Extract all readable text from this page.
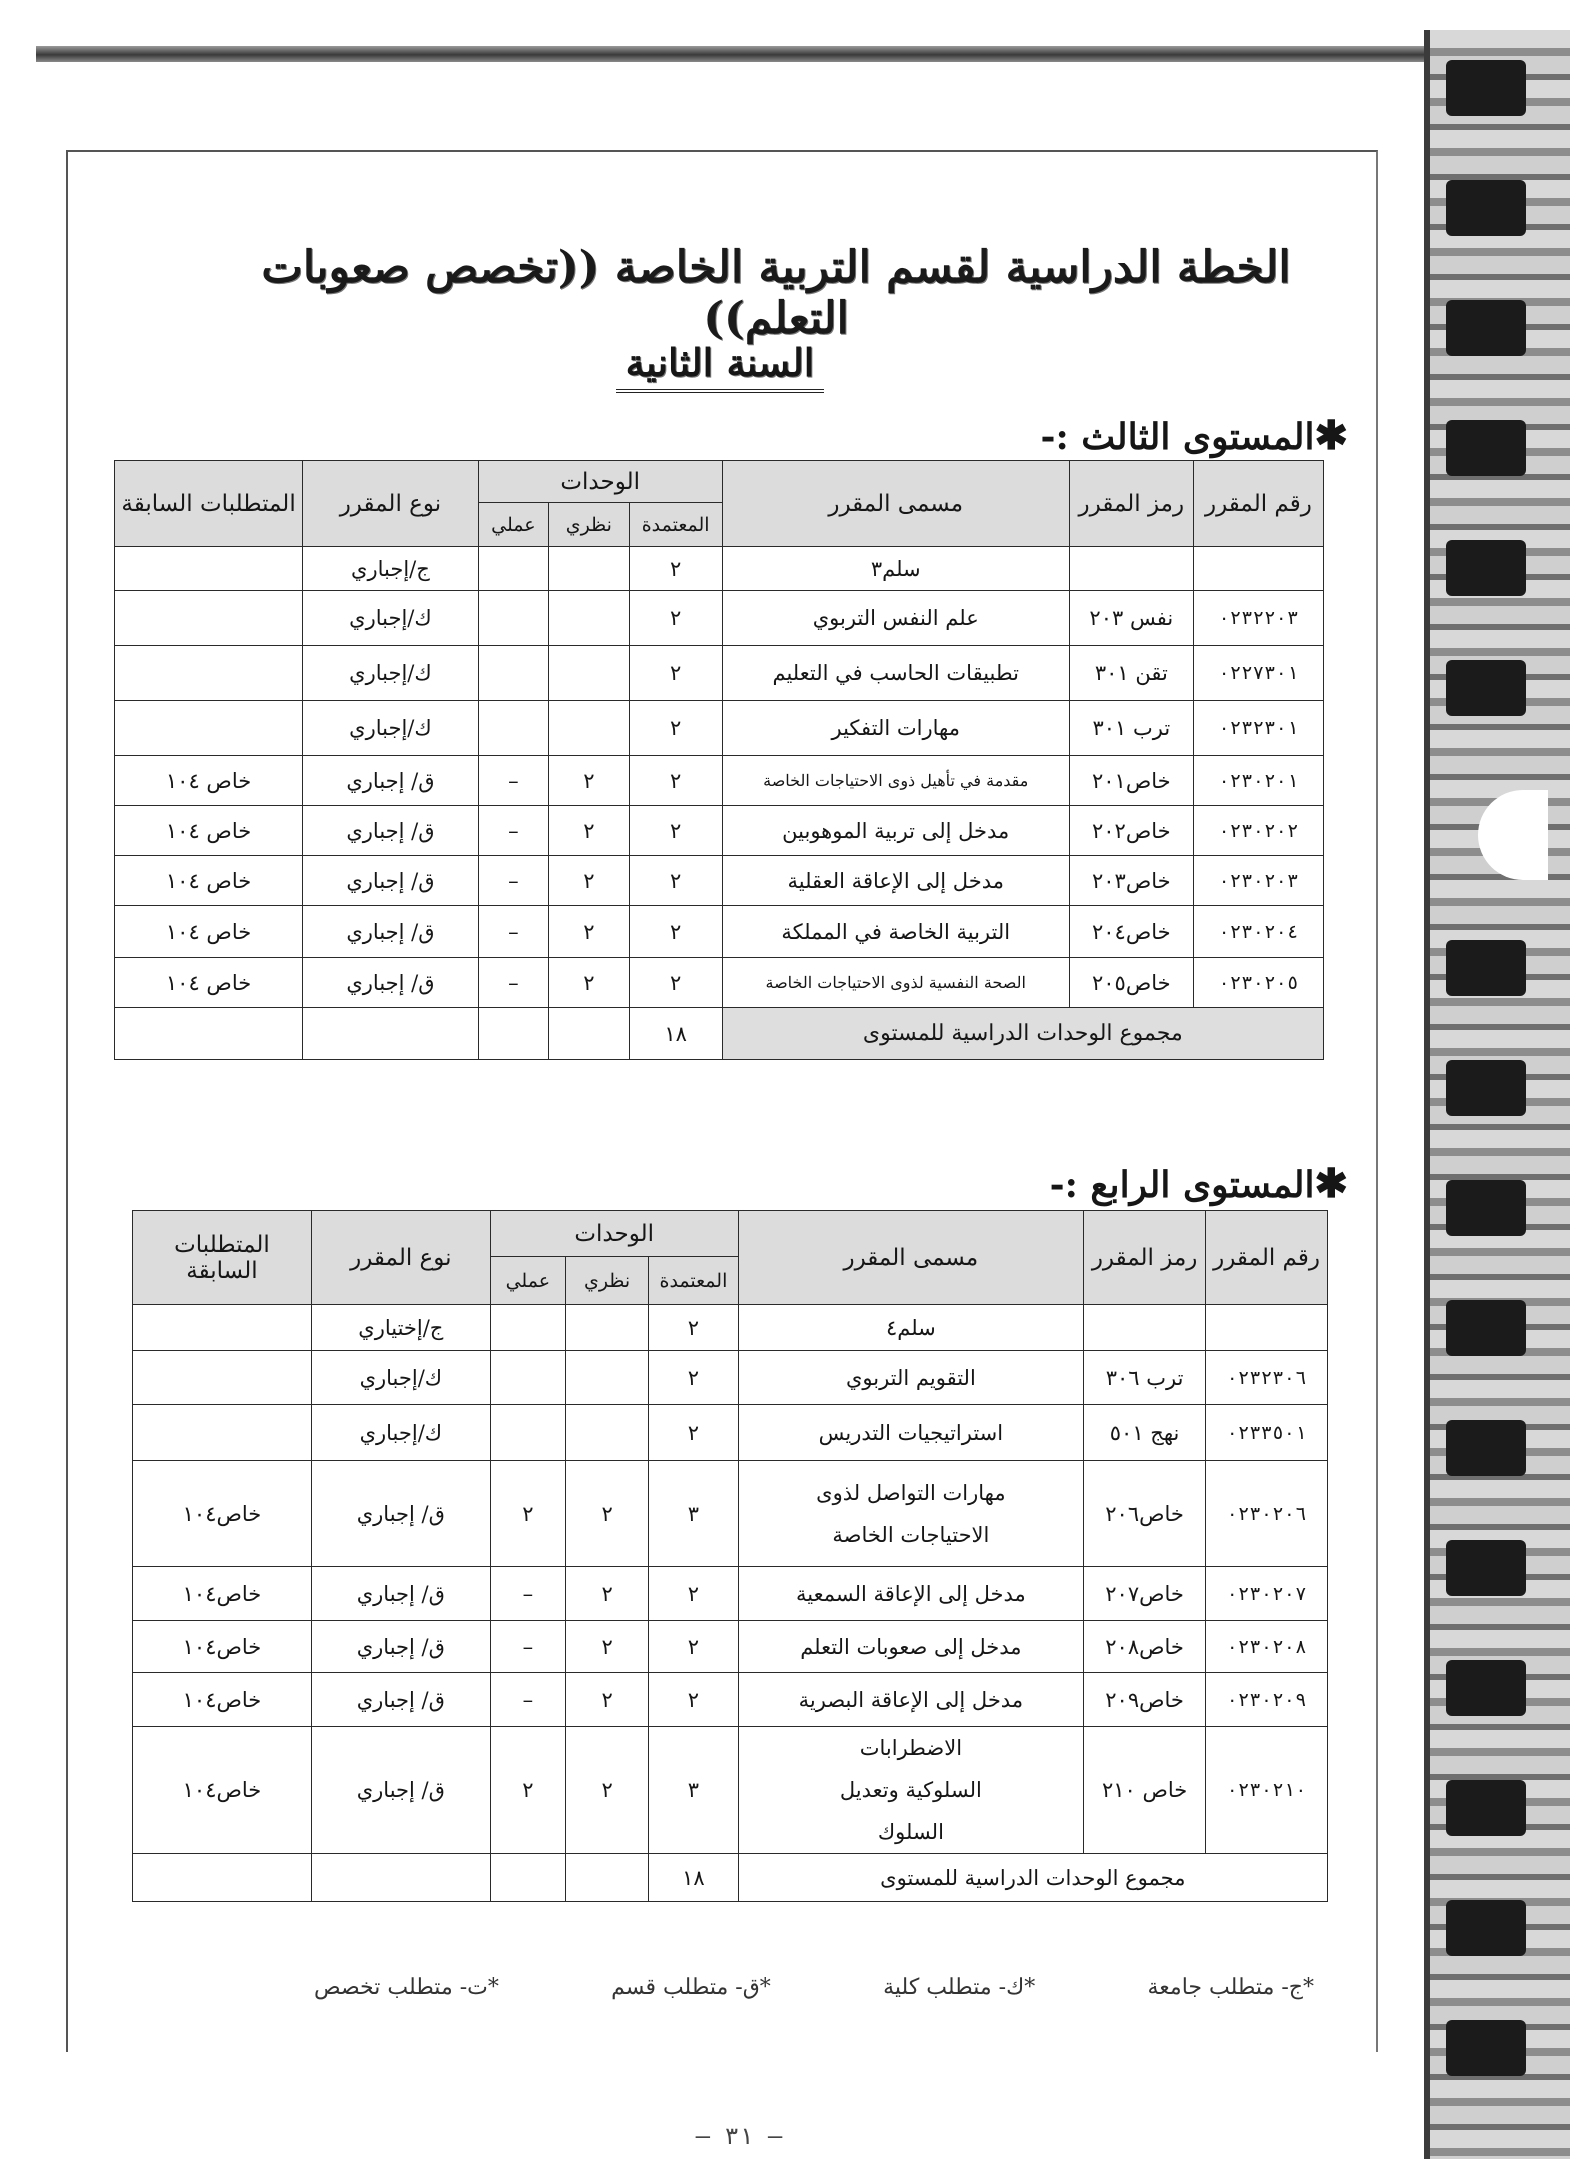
الخطة الدراسية لقسم التربية الخاصة ((تخصص صعوبات التعلم))
السنة الثانية
✱المستوى الثالث :-
رقم المقرر	رمز المقرر	مسمى المقرر	الوحدات			نوع المقرر	المتطلبات السابقة
			المعتمدة	نظري	عملي		
		سلم٣	٢			ج/إجباري	
٠٢٣٢٢٠٣	نفس ٢٠٣	علم النفس التربوي	٢			ك/إجباري	
٠٢٢٧٣٠١	تقن ٣٠١	تطبيقات الحاسب في التعليم	٢			ك/إجباري	
٠٢٣٢٣٠١	ترب ٣٠١	مهارات التفكير	٢			ك/إجباري	
٠٢٣٠٢٠١	خاص٢٠١	مقدمة في تأهيل ذوى الاحتياجات الخاصة	٢	٢	–	ق/ إجباري	خاص ١٠٤
٠٢٣٠٢٠٢	خاص٢٠٢	مدخل إلى تربية الموهوبين	٢	٢	–	ق/ إجباري	خاص ١٠٤
٠٢٣٠٢٠٣	خاص٢٠٣	مدخل إلى الإعاقة العقلية	٢	٢	–	ق/ إجباري	خاص ١٠٤
٠٢٣٠٢٠٤	خاص٢٠٤	التربية الخاصة في المملكة	٢	٢	–	ق/ إجباري	خاص ١٠٤
٠٢٣٠٢٠٥	خاص٢٠٥	الصحة النفسية لذوى الاحتياجات الخاصة	٢	٢	–	ق/ إجباري	خاص ١٠٤
مجموع الوحدات الدراسية للمستوى			١٨				
✱المستوى الرابع :-
رقم المقرر	رمز المقرر	مسمى المقرر	الوحدات			نوع المقرر	المتطلبات السابقة
			المعتمدة	نظري	عملي		
		سلم٤	٢			ج/إختياري	
٠٢٣٢٣٠٦	ترب ٣٠٦	التقويم التربوي	٢			ك/إجباري	
٠٢٣٣٥٠١	نهج ٥٠١	استراتيجيات التدريس	٢			ك/إجباري	
٠٢٣٠٢٠٦	خاص٢٠٦	مهارات التواصل لذوى الاحتياجات الخاصة	٣	٢	٢	ق/ إجباري	خاص١٠٤
٠٢٣٠٢٠٧	خاص٢٠٧	مدخل إلى الإعاقة السمعية	٢	٢	–	ق/ إجباري	خاص١٠٤
٠٢٣٠٢٠٨	خاص٢٠٨	مدخل إلى صعوبات التعلم	٢	٢	–	ق/ إجباري	خاص١٠٤
٠٢٣٠٢٠٩	خاص٢٠٩	مدخل إلى الإعاقة البصرية	٢	٢	–	ق/ إجباري	خاص١٠٤
٠٢٣٠٢١٠	خاص ٢١٠	الاضطرابات السلوكية وتعديل السلوك	٣	٢	٢	ق/ إجباري	خاص١٠٤
مجموع الوحدات الدراسية للمستوى			١٨				
*ج- متطلب جامعة
*ك- متطلب كلية
*ق- متطلب قسم
*ت- متطلب تخصص
– ٣١ –
